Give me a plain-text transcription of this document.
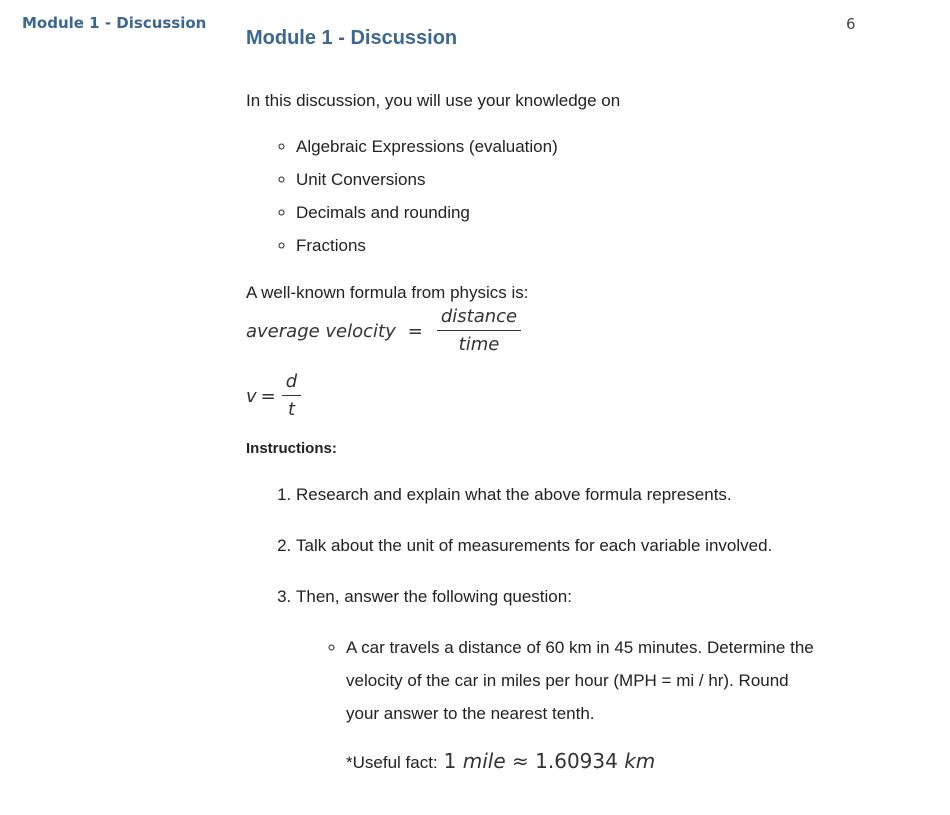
Module 1 - Discussion	6
Module 1 - Discussion

In this discussion, you will use your knowledge on

◦ Algebraic Expressions (evaluation)
◦ Unit Conversions
◦ Decimals and rounding
◦ Fractions

A well-known formula from physics is:

average velocity = $\frac{\text{distance}}{\text{time}}$
$v = \frac{d}{t}$

Instructions:

1. Research and explain what the above formula represents.
2. Talk about the unit of measurements for each variable involved.
3. Then, answer the following question:
◦ A car travels a distance of 60 km in 45 minutes. Determine the velocity of the car in miles per hour (MPH = mi / hr). Round your answer to the nearest tenth.
*Useful fact: 1 mile ≈ 1.60934 km
